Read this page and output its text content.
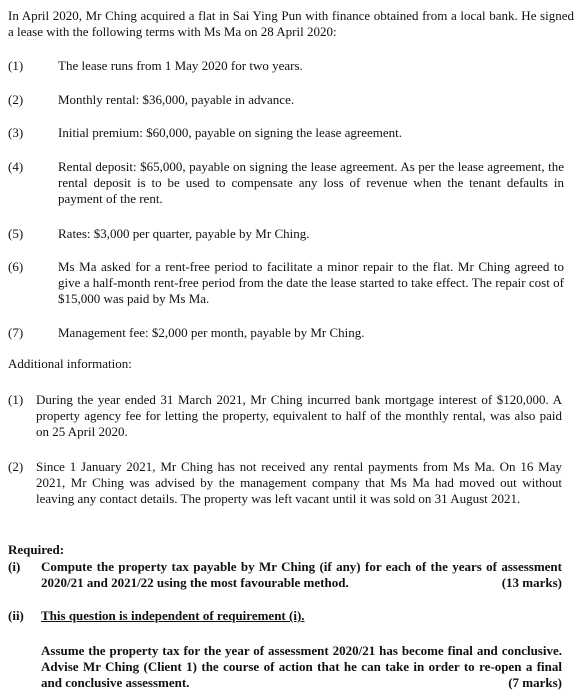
In April 2020, Mr Ching acquired a flat in Sai Ying Pun with finance obtained from a local bank. He signed a lease with the following terms with Ms Ma on 28 April 2020:
(1)	The lease runs from 1 May 2020 for two years.
(2)	Monthly rental: $36,000, payable in advance.
(3)	Initial premium: $60,000, payable on signing the lease agreement.
(4)	Rental deposit: $65,000, payable on signing the lease agreement. As per the lease agreement, the rental deposit is to be used to compensate any loss of revenue when the tenant defaults in payment of the rent.
(5)	Rates: $3,000 per quarter, payable by Mr Ching.
(6)	Ms Ma asked for a rent-free period to facilitate a minor repair to the flat. Mr Ching agreed to give a half-month rent-free period from the date the lease started to take effect. The repair cost of $15,000 was paid by Ms Ma.
(7)	Management fee: $2,000 per month, payable by Mr Ching.
Additional information:
(1) During the year ended 31 March 2021, Mr Ching incurred bank mortgage interest of $120,000. A property agency fee for letting the property, equivalent to half of the monthly rental, was also paid on 25 April 2020.
(2) Since 1 January 2021, Mr Ching has not received any rental payments from Ms Ma. On 16 May 2021, Mr Ching was advised by the management company that Ms Ma had moved out without leaving any contact details. The property was left vacant until it was sold on 31 August 2021.
Required:
(i) Compute the property tax payable by Mr Ching (if any) for each of the years of assessment 2020/21 and 2021/22 using the most favourable method.	(13 marks)
(ii) This question is independent of requirement (i).
Assume the property tax for the year of assessment 2020/21 has become final and conclusive. Advise Mr Ching (Client 1) the course of action that he can take in order to re-open a final and conclusive assessment.	(7 marks)
